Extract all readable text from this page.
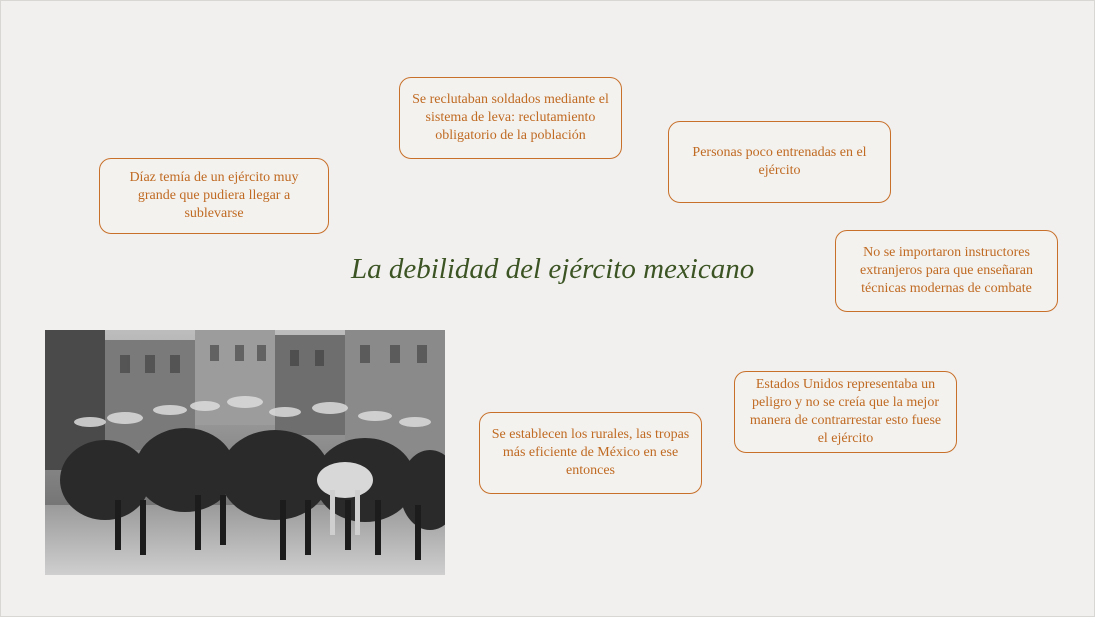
Se reclutaban soldados mediante el sistema de leva: reclutamiento obligatorio de la población
Personas poco entrenadas en el ejército
Díaz temía de un ejército muy grande que pudiera llegar a sublevarse
No se importaron instructores extranjeros para que enseñaran técnicas modernas de combate
Estados Unidos representaba un peligro y no se creía que la mejor manera de contrarrestar esto fuese el ejército
Se establecen los rurales, las tropas más eficiente de México en ese entonces
La debilidad del ejército mexicano
